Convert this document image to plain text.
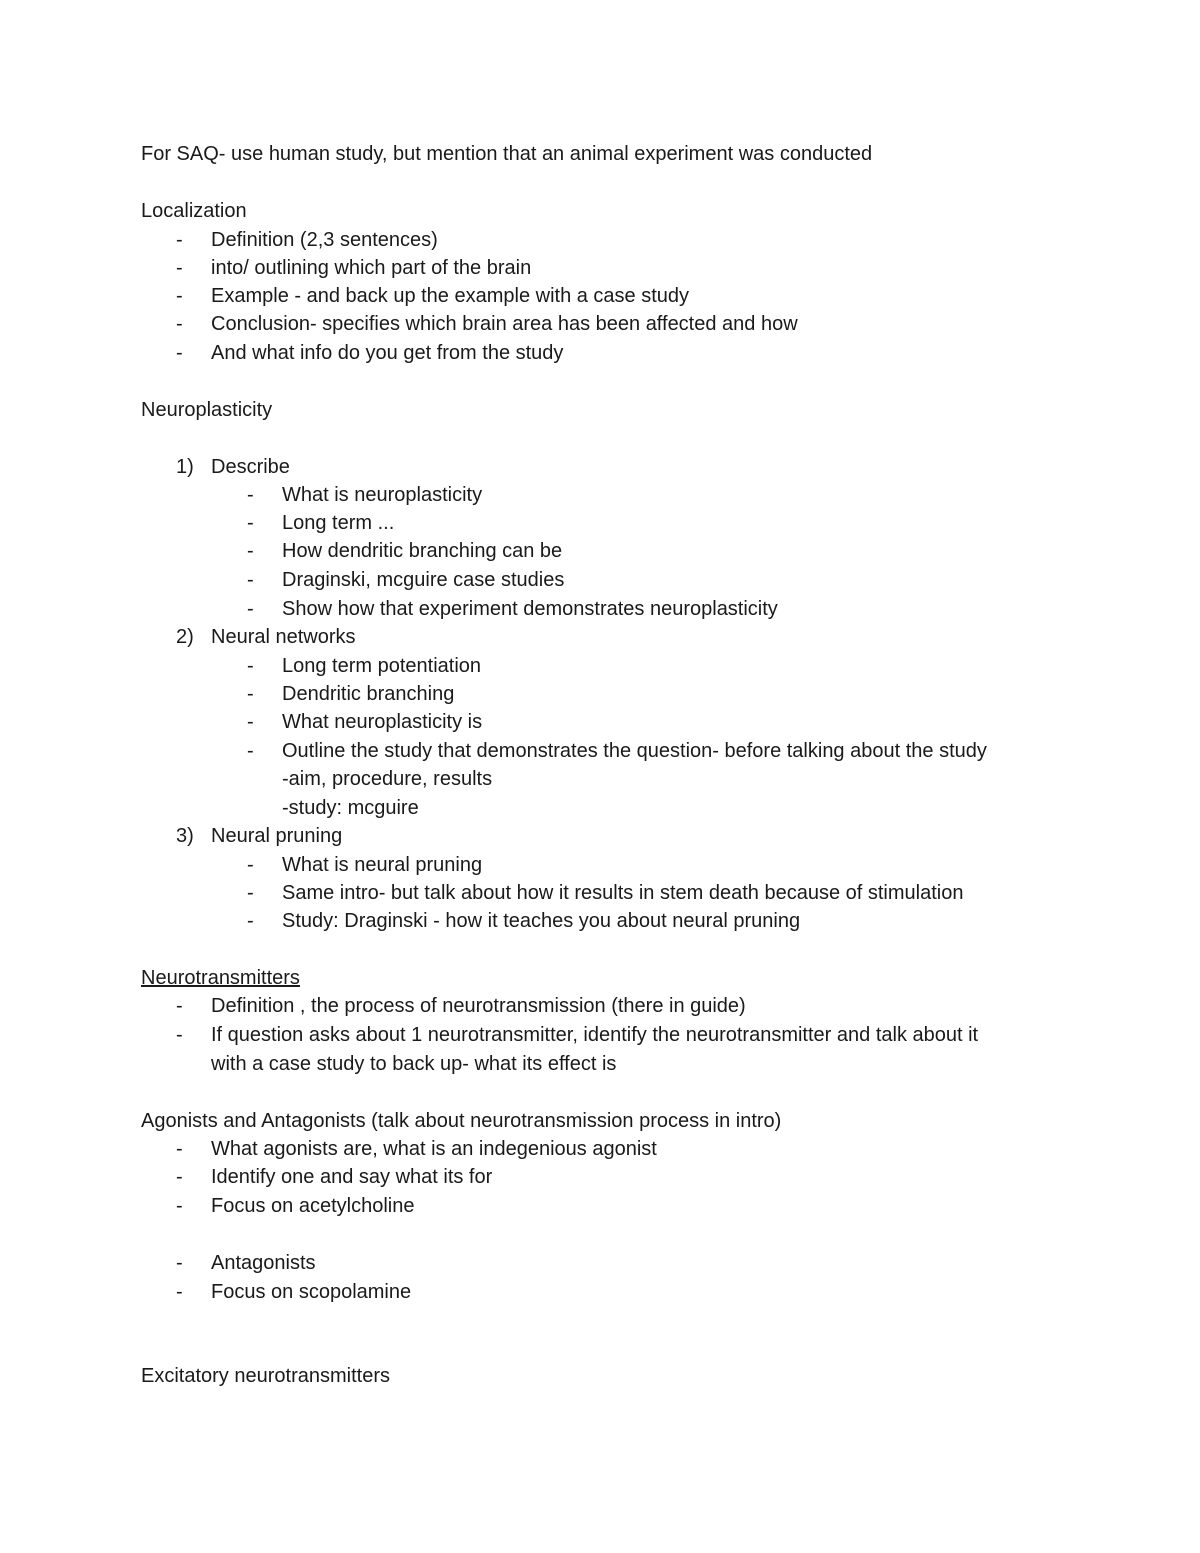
For SAQ- use human study, but mention that an animal experiment was conducted
Localization
- Definition (2,3 sentences)
- into/ outlining which part of the brain
- Example - and back up the example with a case study
- Conclusion- specifies which brain area has been affected and how
- And what info do you get from the study
Neuroplasticity
1) Describe
- What is neuroplasticity
- Long term ...
- How dendritic branching can be
- Draginski, mcguire case studies
- Show how that experiment demonstrates neuroplasticity
2) Neural networks
- Long term potentiation
- Dendritic branching
- What neuroplasticity is
- Outline the study that demonstrates the question- before talking about the study
-aim, procedure, results
-study: mcguire
3) Neural pruning
- What is neural pruning
- Same intro- but talk about how it results in stem death because of stimulation
- Study: Draginski - how it teaches you about neural pruning
Neurotransmitters
- Definition , the process of neurotransmission (there in guide)
- If question asks about 1 neurotransmitter, identify the neurotransmitter and talk about it
with a case study to back up- what its effect is
Agonists and Antagonists (talk about neurotransmission process in intro)
- What agonists are, what is an indegenious agonist
- Identify one and say what its for
- Focus on acetylcholine
- Antagonists
- Focus on scopolamine
Excitatory neurotransmitters
